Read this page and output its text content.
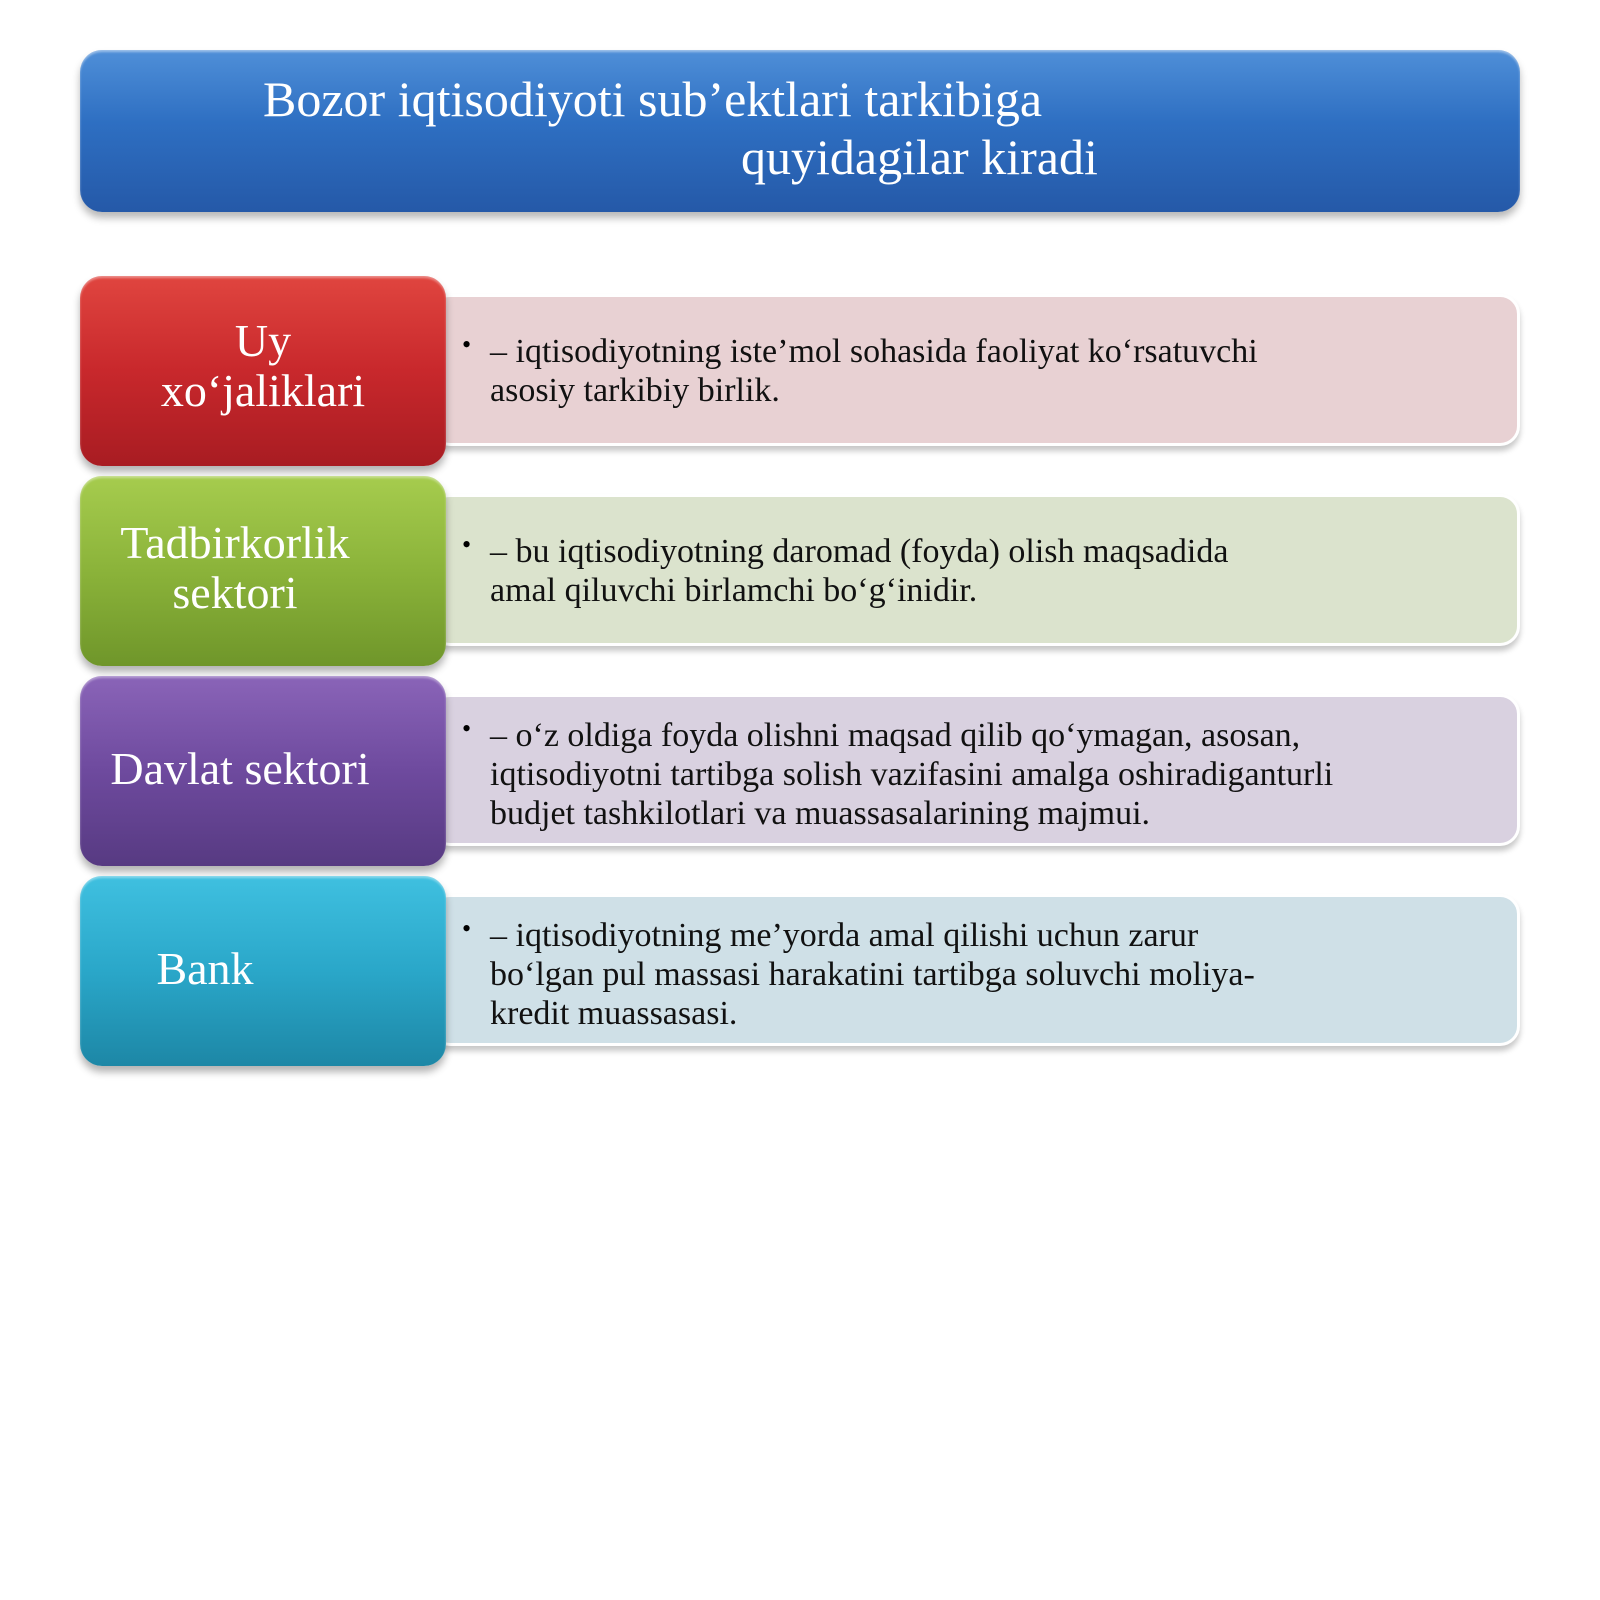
Bozor iqtisodiyoti sub’ektlari tarkibiga
quyidagilar kiradi
Uy
xo‘jaliklari
• – iqtisodiyotning iste’mol sohasida faoliyat ko‘rsatuvchi
asosiy tarkibiy birlik.
Tadbirkorlik
sektori
• – bu iqtisodiyotning daromad (foyda) olish maqsadida
amal qiluvchi birlamchi bo‘g‘inidir.
Davlat sektori
• – o‘z oldiga foyda olishni maqsad qilib qo‘ymagan, asosan,
iqtisodiyotni tartibga solish vazifasini amalga oshiradiganturli
budjet tashkilotlari va muassasalarining majmui.
Bank
• – iqtisodiyotning me’yorda amal qilishi uchun zarur
bo‘lgan pul massasi harakatini tartibga soluvchi moliya-
kredit muassasasi.
